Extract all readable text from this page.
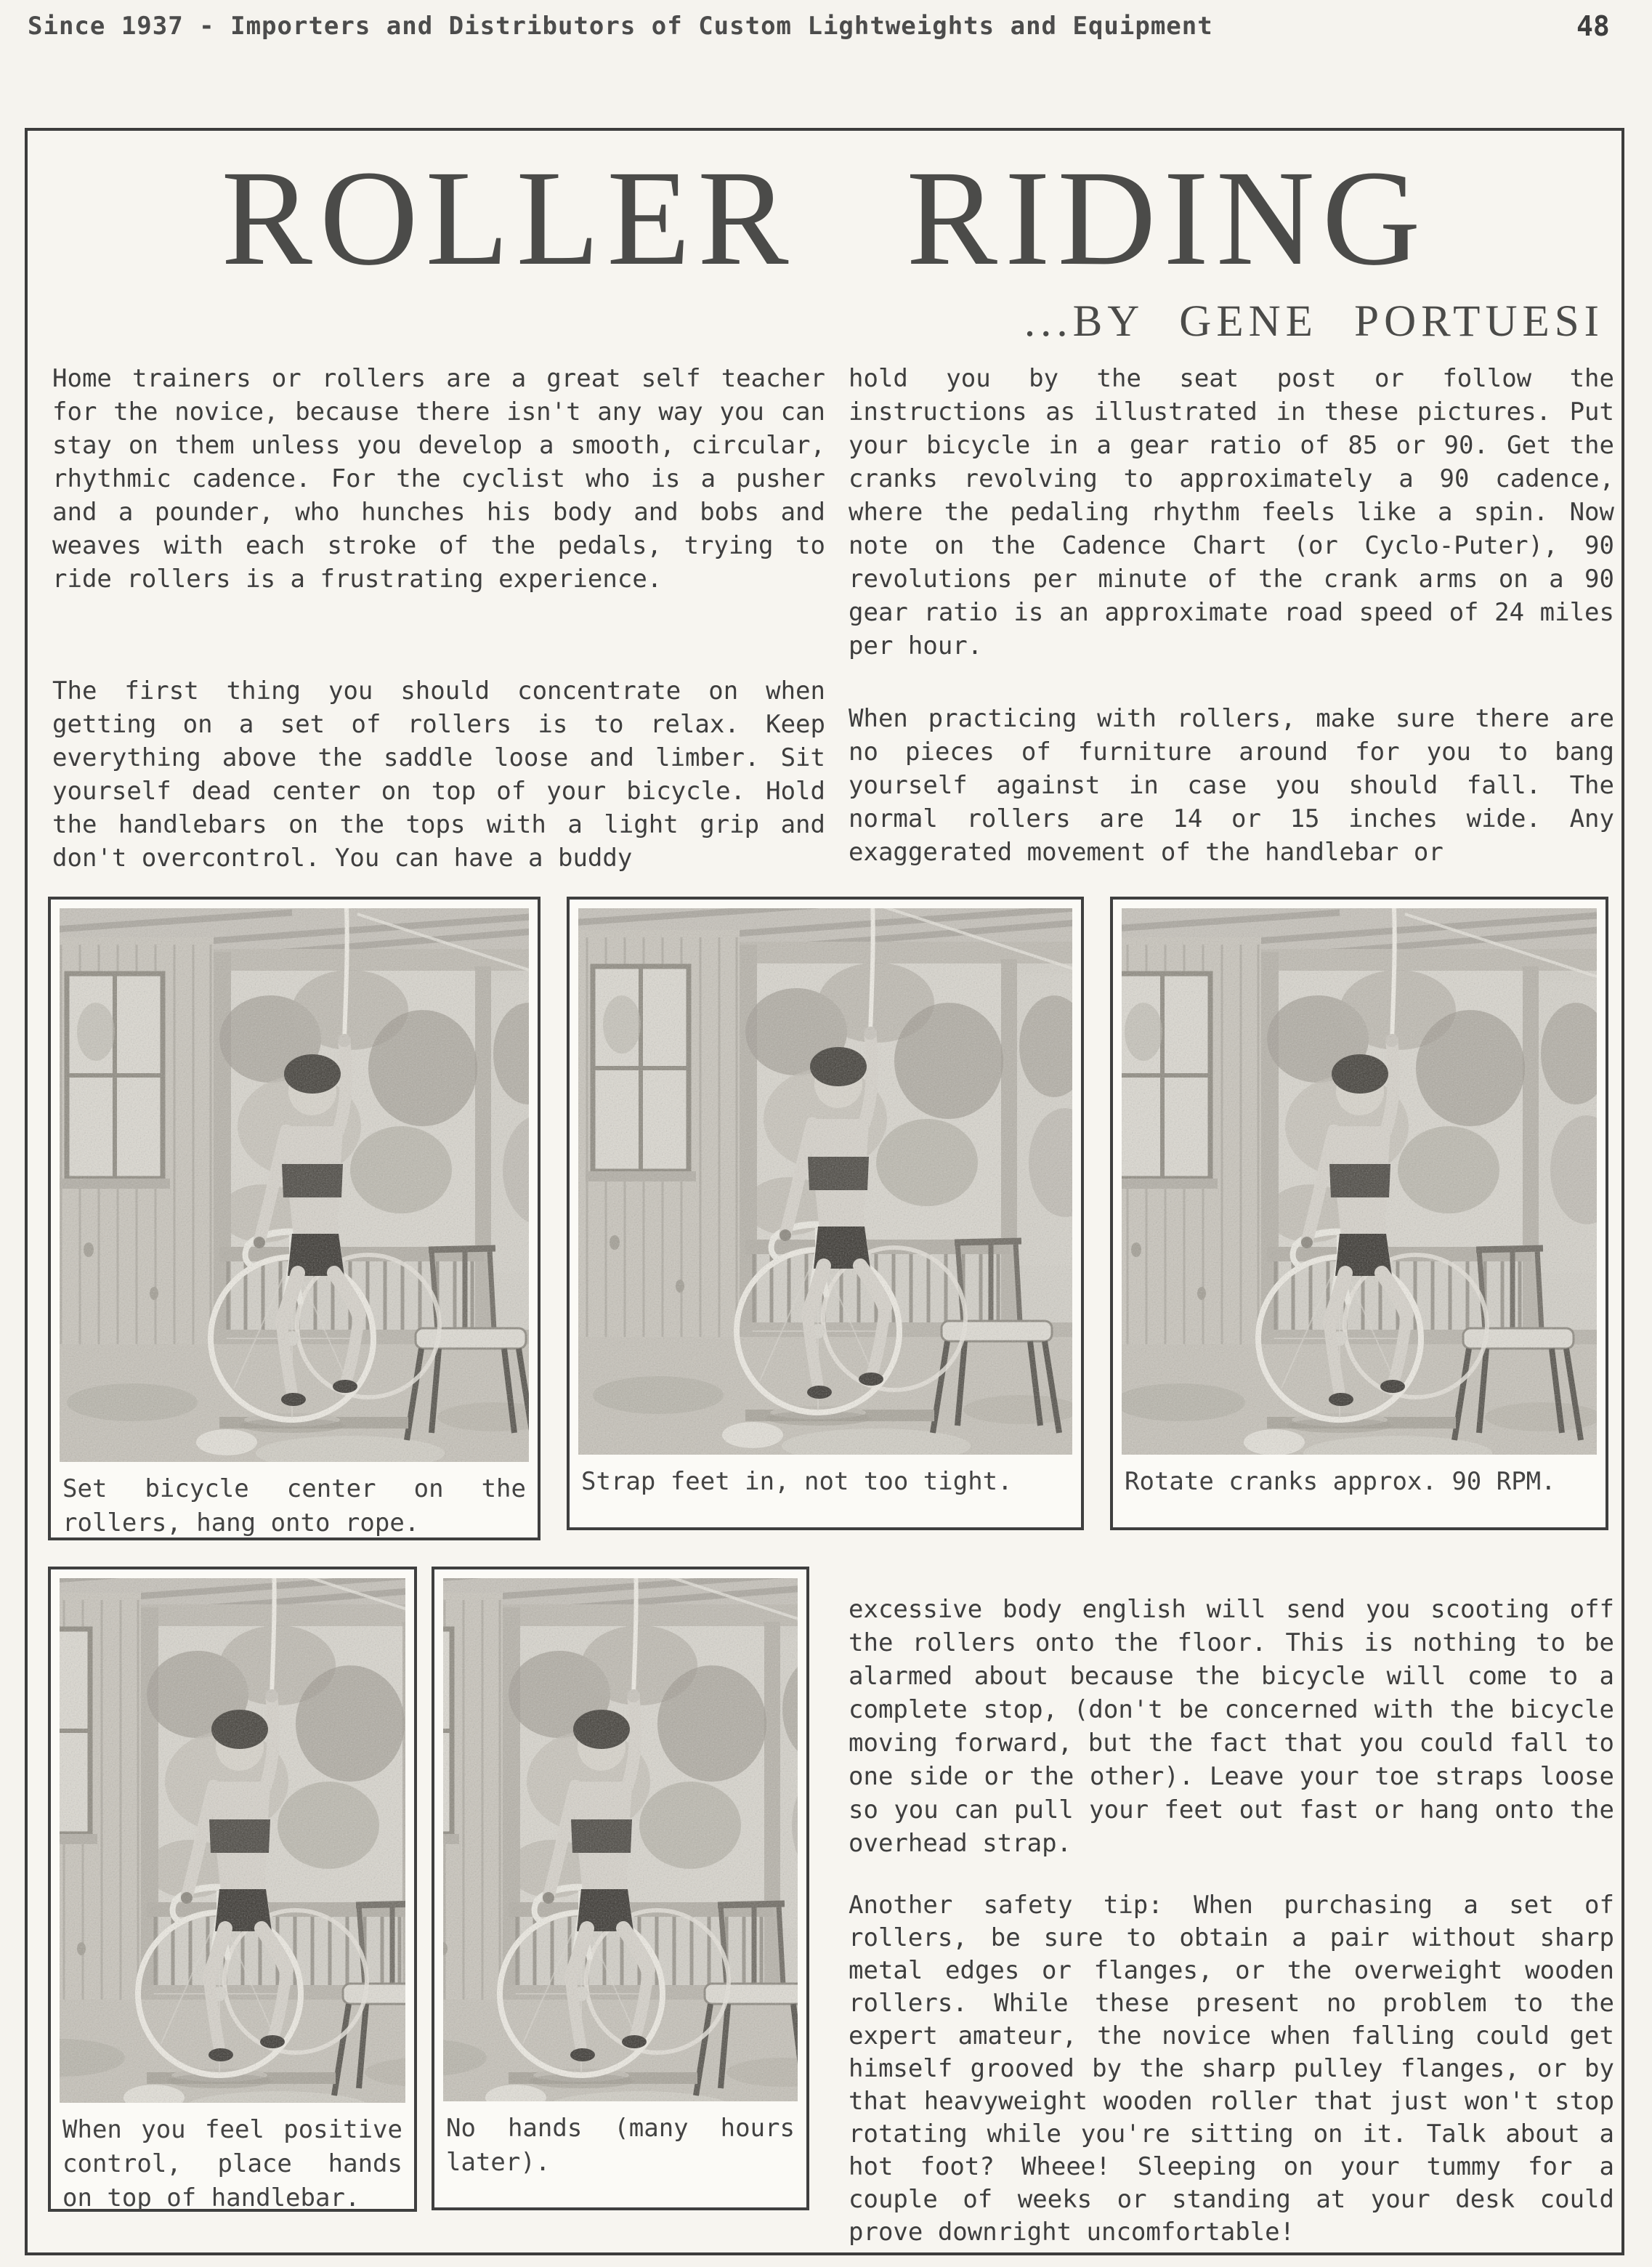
Since 1937 - Importers and Distributors of Custom Lightweights and Equipment	48
ROLLER RIDING
...BY GENE PORTUESI
Home trainers or rollers are a great self teacher for the novice, because there isn't any way you can stay on them unless you develop a smooth, circular, rhythmic cadence. For the cyclist who is a pusher and a pounder, who hunches his body and bobs and weaves with each stroke of the pedals, trying to ride rollers is a frustrating experience.
The first thing you should concentrate on when getting on a set of rollers is to relax. Keep everything above the saddle loose and limber. Sit yourself dead center on top of your bicycle. Hold the handlebars on the tops with a light grip and don't overcontrol. You can have a buddy
hold you by the seat post or follow the instructions as illustrated in these pictures. Put your bicycle in a gear ratio of 85 or 90. Get the cranks revolving to approximately a 90 cadence, where the pedaling rhythm feels like a spin. Now note on the Cadence Chart (or Cyclo-Puter), 90 revolutions per minute of the crank arms on a 90 gear ratio is an approximate road speed of 24 miles per hour.
When practicing with rollers, make sure there are no pieces of furniture around for you to bang yourself against in case you should fall. The normal rollers are 14 or 15 inches wide. Any exaggerated movement of the handlebar or
Set bicycle center on the rollers, hang onto rope.
Strap feet in, not too tight.	Rotate cranks approx. 90 RPM.
When you feel positive control, place hands on top of handlebar.
No hands (many hours later).
excessive body english will send you scooting off the rollers onto the floor. This is nothing to be alarmed about because the bicycle will come to a complete stop, (don't be concerned with the bicycle moving forward, but the fact that you could fall to one side or the other). Leave your toe straps loose so you can pull your feet out fast or hang onto the overhead strap.
Another safety tip: When purchasing a set of rollers, be sure to obtain a pair without sharp metal edges or flanges, or the overweight wooden rollers. While these present no problem to the expert amateur, the novice when falling could get himself grooved by the sharp pulley flanges, or by that heavyweight wooden roller that just won't stop rotating while you're sitting on it. Talk about a hot foot? Wheee! Sleeping on your tummy for a couple of weeks or standing at your desk could prove downright uncomfortable!
